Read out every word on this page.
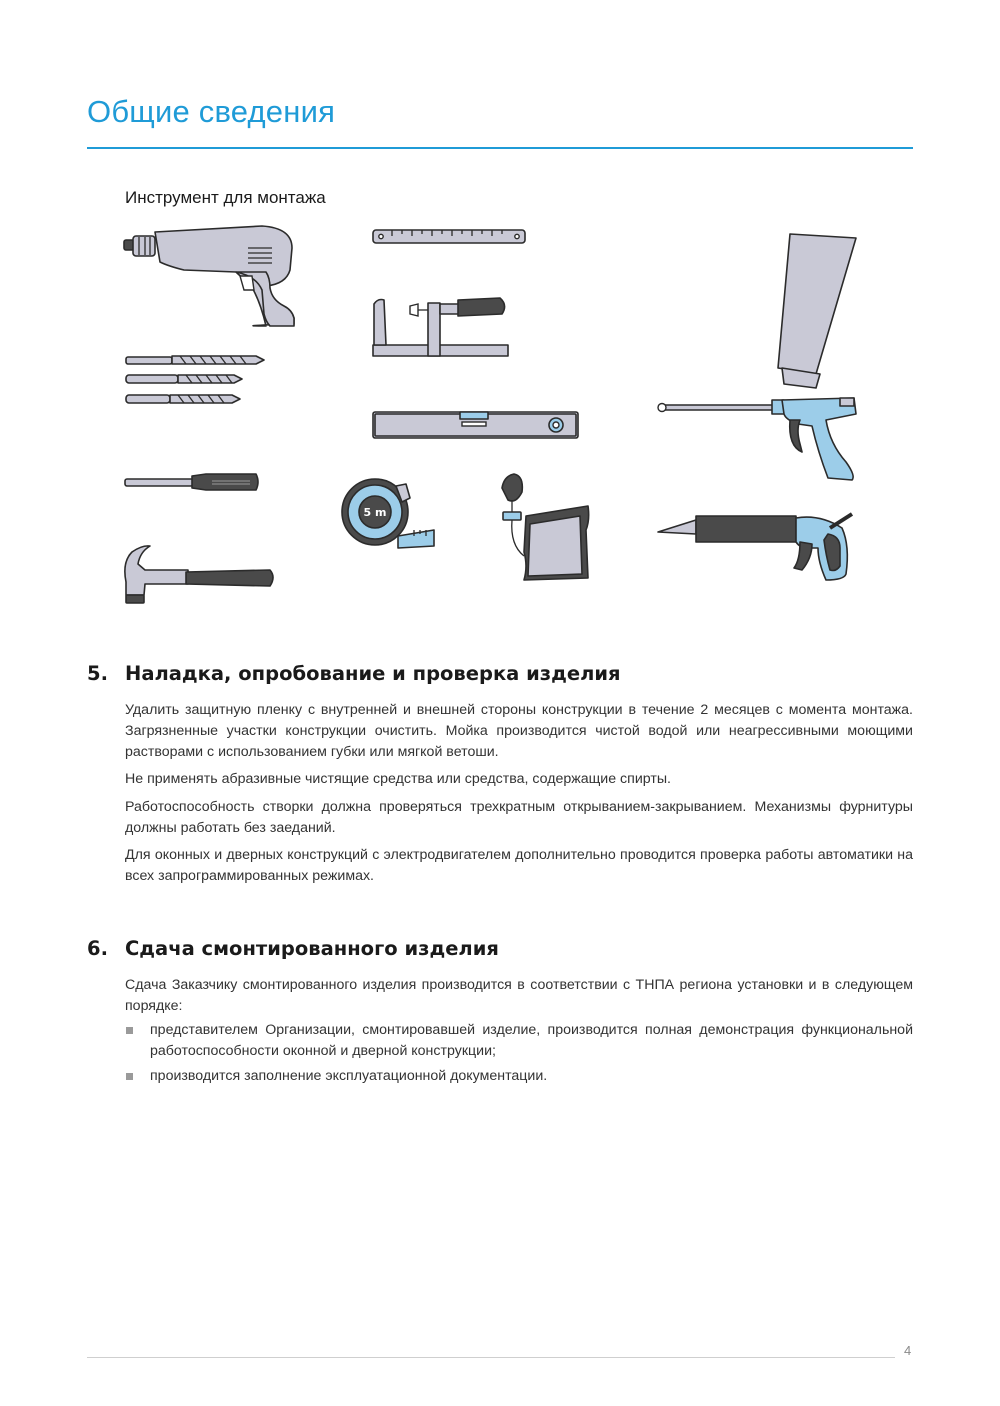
Общие сведения
Инструмент для монтажа
5 m
5. Наладка, опробование и проверка изделия

Удалить защитную пленку с внутренней и внешней стороны конструкции в течение 2 месяцев с момента монтажа. Загрязненные участки конструкции очистить. Мойка производится чистой водой или неагрессивными моющими растворами с использованием губки или мягкой ветоши.

Не применять абразивные чистящие средства или средства, содержащие спирты.

Работоспособность створки должна проверяться трехкратным открыванием-закрыванием. Механизмы фурнитуры должны работать без заеданий.

Для оконных и дверных конструкций с электродвигателем дополнительно проводится проверка работы автоматики на всех запрограммированных режимах.

6. Сдача смонтированного изделия

Сдача Заказчику смонтированного изделия производится в соответствии с ТНПА региона установки и в следующем порядке:

представителем Организации, смонтировавшей изделие, производится полная демонстрация функциональной работоспособности оконной и дверной конструкции;
производится заполнение эксплуатационной документации.
4
